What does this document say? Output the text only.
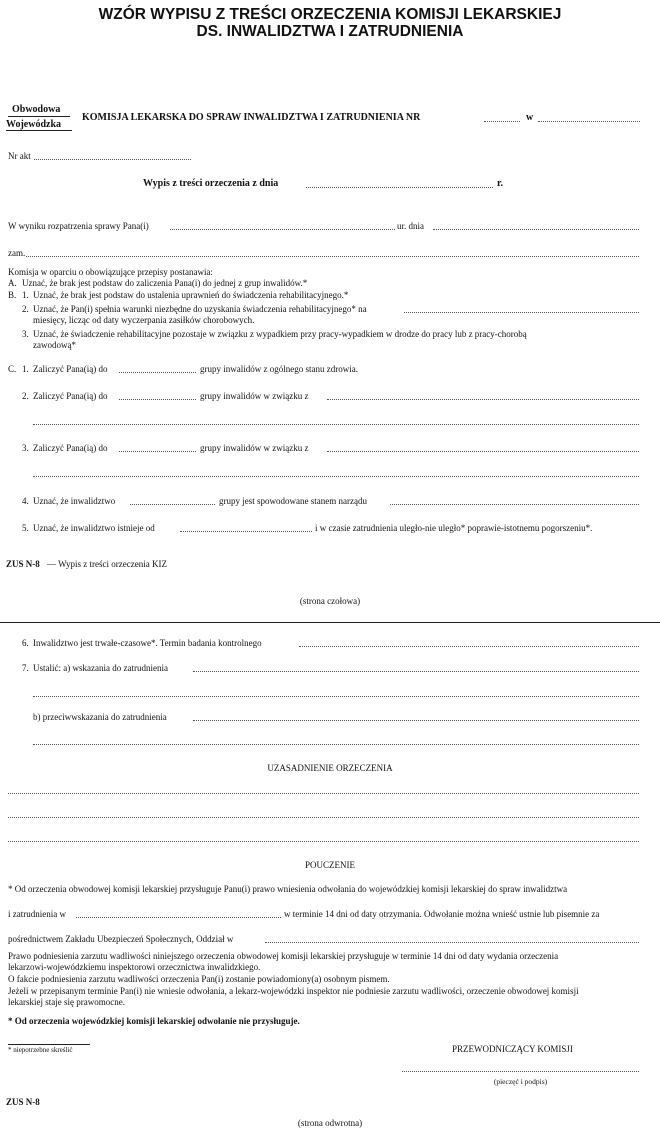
WZÓR WYPISU Z TREŚCI ORZECZENIA KOMISJI LEKARSKIEJ
DS. INWALIDZTWA I ZATRUDNIENIA
Obwodowa
Wojewódzka
KOMISJA LEKARSKA DO SPRAW INWALIDZTWA I ZATRUDNIENIA NR	w
Nr akt
Wypis z treści orzeczenia z dnia	r.
W wyniku rozpatrzenia sprawy Pana(i)	ur. dnia
zam.
Komisja w oparciu o obowiązujące przepisy postanawia:
A. Uznać, że brak jest podstaw do zaliczenia Pana(i) do jednej z grup inwalidów.*
B. 1. Uznać, że brak jest podstaw do ustalenia uprawnień do świadczenia rehabilitacyjnego.*
2. Uznać, że Pan(i) spełnia warunki niezbędne do uzyskania świadczenia rehabilitacyjnego* na
miesięcy, licząc od daty wyczerpania zasiłków chorobowych.
3. Uznać, że świadczenie rehabilitacyjne pozostaje w związku z wypadkiem przy pracy-wypadkiem w drodze do pracy lub z pracy-chorobą
zawodową*
C. 1. Zaliczyć Pana(ią) do	grupy inwalidów z ogólnego stanu zdrowia.
2. Zaliczyć Pana(ią) do	grupy inwalidów w związku z
3. Zaliczyć Pana(ią) do	grupy inwalidów w związku z
4. Uznać, że inwalidztwo	grupy jest spowodowane stanem narządu
5. Uznać, że inwalidztwo istnieje od	i w czasie zatrudnienia uległo-nie uległo* poprawie-istotnemu pogorszeniu*.
ZUS N-8 — Wypis z treści orzeczenia KIZ
(strona czołowa)
6. Inwalidztwo jest trwałe-czasowe*. Termin badania kontrolnego
7. Ustalić: a) wskazania do zatrudnienia
b) przeciwwskazania do zatrudnienia
UZASADNIENIE ORZECZENIA
POUCZENIE
* Od orzeczenia obwodowej komisji lekarskiej przysługuje Panu(i) prawo wniesienia odwołania do wojewódzkiej komisji lekarskiej do spraw inwalidztwa
i zatrudnienia w	w terminie 14 dni od daty otrzymania. Odwołanie można wnieść ustnie lub pisemnie za
pośrednictwem Zakładu Ubezpieczeń Społecznych, Oddział w
Prawo podniesienia zarzutu wadliwości niniejszego orzeczenia obwodowej komisji lekarskiej przysługuje w terminie 14 dni od daty wydania orzeczenia
lekarzowi-wojewódzkiemu inspektorowi orzecznictwa inwalidzkiego.
O fakcie podniesienia zarzutu wadliwości orzeczenia Pan(i) zostanie powiadomiony(a) osobnym pismem.
Jeżeli w przepisanym terminie Pan(i) nie wniesie odwołania, a lekarz-wojewódzki inspektor nie podniesie zarzutu wadliwości, orzeczenie obwodowej komisji
lekarskiej staje się prawomocne.
* Od orzeczenia wojewódzkiej komisji lekarskiej odwołanie nie przysługuje.
* niepotrzebne skreślić	PRZEWODNICZĄCY KOMISJI
(pieczęć i podpis)
ZUS N-8
(strona odwrotna)
